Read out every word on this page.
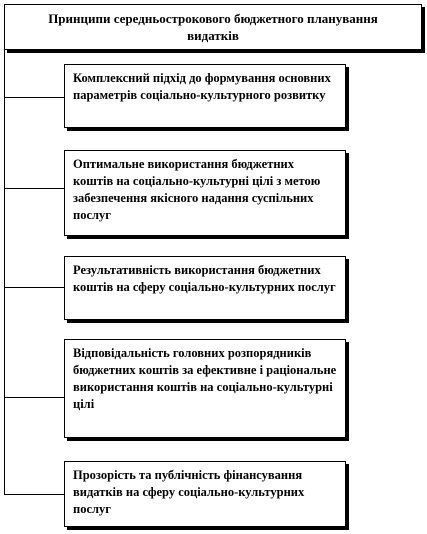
Принципи середньострокового бюджетного планування видатків
Комплексний підхід до формування основних параметрів соціально-культурного розвитку
Оптимальне використання бюджетних коштів на соціально-культурні цілі з метою забезпечення якісного надання суспільних послуг
Результативність використання бюджетних коштів на сферу соціально-культурних послуг
Відповідальність головних розпорядників бюджетних коштів за ефективне і раціональне використання коштів на соціально-культурні цілі
Прозорість та публічність фінансування видатків на сферу соціально-культурних послуг
